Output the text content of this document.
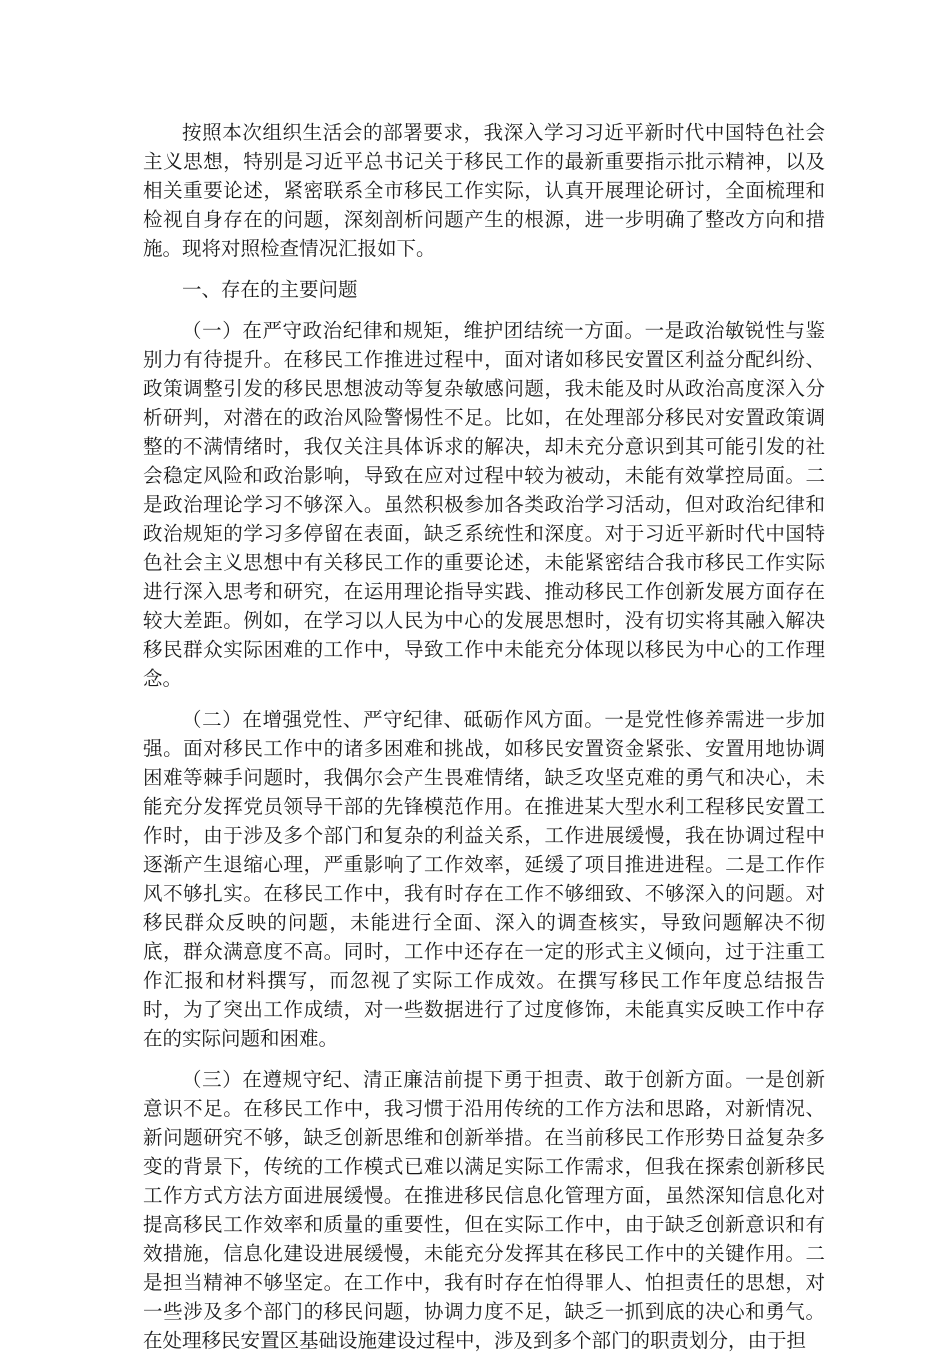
按照本次组织生活会的部署要求，我深入学习习近平新时代中国特色社会主义思想，特别是习近平总书记关于移民工作的最新重要指示批示精神，以及相关重要论述，紧密联系全市移民工作实际，认真开展理论研讨，全面梳理和检视自身存在的问题，深刻剖析问题产生的根源，进一步明确了整改方向和措施。现将对照检查情况汇报如下。

一、存在的主要问题

（一）在严守政治纪律和规矩，维护团结统一方面。一是政治敏锐性与鉴别力有待提升。在移民工作推进过程中，面对诸如移民安置区利益分配纠纷、政策调整引发的移民思想波动等复杂敏感问题，我未能及时从政治高度深入分析研判，对潜在的政治风险警惕性不足。比如，在处理部分移民对安置政策调整的不满情绪时，我仅关注具体诉求的解决，却未充分意识到其可能引发的社会稳定风险和政治影响，导致在应对过程中较为被动，未能有效掌控局面。二是政治理论学习不够深入。虽然积极参加各类政治学习活动，但对政治纪律和政治规矩的学习多停留在表面，缺乏系统性和深度。对于习近平新时代中国特色社会主义思想中有关移民工作的重要论述，未能紧密结合我市移民工作实际进行深入思考和研究，在运用理论指导实践、推动移民工作创新发展方面存在较大差距。例如，在学习以人民为中心的发展思想时，没有切实将其融入解决移民群众实际困难的工作中，导致工作中未能充分体现以移民为中心的工作理念。

（二）在增强党性、严守纪律、砥砺作风方面。一是党性修养需进一步加强。面对移民工作中的诸多困难和挑战，如移民安置资金紧张、安置用地协调困难等棘手问题时，我偶尔会产生畏难情绪，缺乏攻坚克难的勇气和决心，未能充分发挥党员领导干部的先锋模范作用。在推进某大型水利工程移民安置工作时，由于涉及多个部门和复杂的利益关系，工作进展缓慢，我在协调过程中逐渐产生退缩心理，严重影响了工作效率，延缓了项目推进进程。二是工作作风不够扎实。在移民工作中，我有时存在工作不够细致、不够深入的问题。对移民群众反映的问题，未能进行全面、深入的调查核实，导致问题解决不彻底，群众满意度不高。同时，工作中还存在一定的形式主义倾向，过于注重工作汇报和材料撰写，而忽视了实际工作成效。在撰写移民工作年度总结报告时，为了突出工作成绩，对一些数据进行了过度修饰，未能真实反映工作中存在的实际问题和困难。

（三）在遵规守纪、清正廉洁前提下勇于担责、敢于创新方面。一是创新意识不足。在移民工作中，我习惯于沿用传统的工作方法和思路，对新情况、新问题研究不够，缺乏创新思维和创新举措。在当前移民工作形势日益复杂多变的背景下，传统的工作模式已难以满足实际工作需求，但我在探索创新移民工作方式方法方面进展缓慢。在推进移民信息化管理方面，虽然深知信息化对提高移民工作效率和质量的重要性，但在实际工作中，由于缺乏创新意识和有效措施，信息化建设进展缓慢，未能充分发挥其在移民工作中的关键作用。二是担当精神不够坚定。在工作中，我有时存在怕得罪人、怕担责任的思想，对一些涉及多个部门的移民问题，协调力度不足，缺乏一抓到底的决心和勇气。在处理移民安置区基础设施建设过程中，涉及到多个部门的职责划分，由于担
